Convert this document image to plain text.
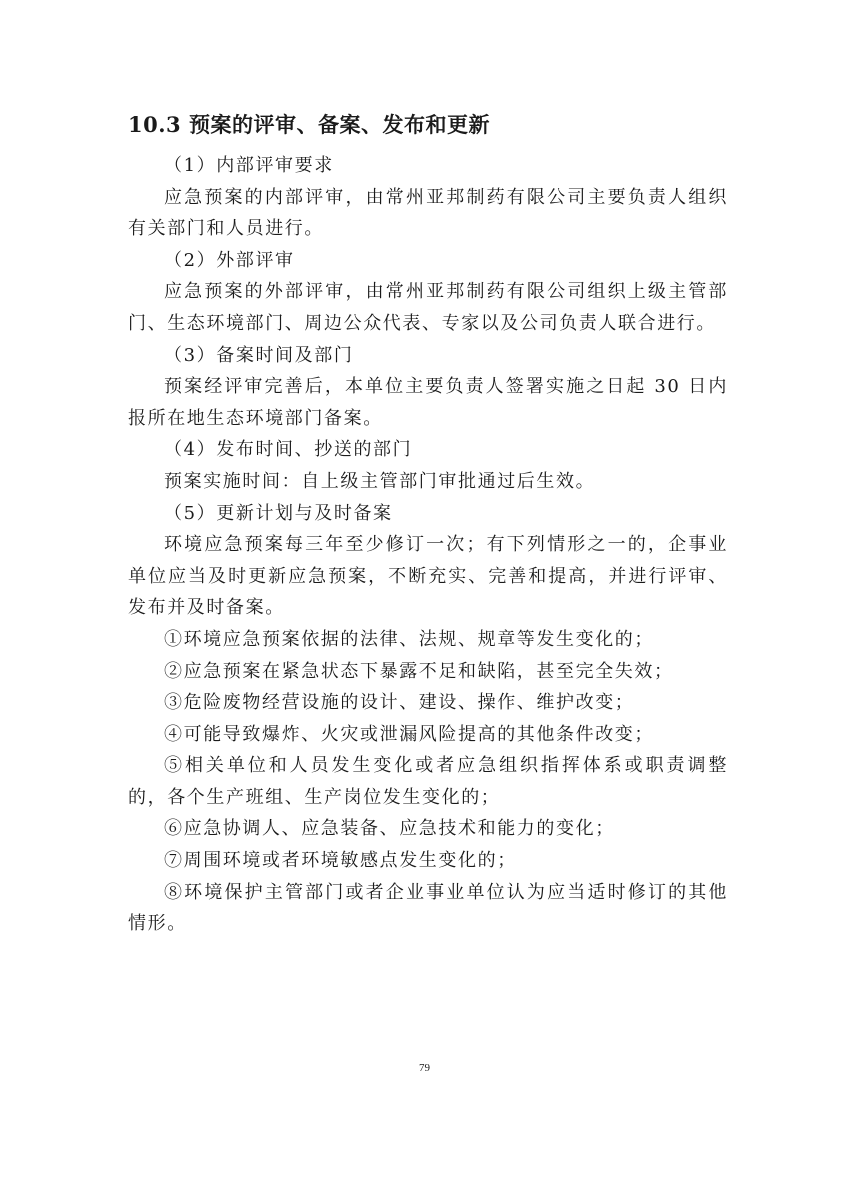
10.3 预案的评审、备案、发布和更新

（1）内部评审要求

应急预案的内部评审，由常州亚邦制药有限公司主要负责人组织有关部门和人员进行。

（2）外部评审

应急预案的外部评审，由常州亚邦制药有限公司组织上级主管部门、生态环境部门、周边公众代表、专家以及公司负责人联合进行。

（3）备案时间及部门

预案经评审完善后，本单位主要负责人签署实施之日起 30 日内报所在地生态环境部门备案。

（4）发布时间、抄送的部门

预案实施时间：自上级主管部门审批通过后生效。

（5）更新计划与及时备案

环境应急预案每三年至少修订一次；有下列情形之一的，企事业单位应当及时更新应急预案，不断充实、完善和提高，并进行评审、发布并及时备案。

①环境应急预案依据的法律、法规、规章等发生变化的；

②应急预案在紧急状态下暴露不足和缺陷，甚至完全失效；

③危险废物经营设施的设计、建设、操作、维护改变；

④可能导致爆炸、火灾或泄漏风险提高的其他条件改变；

⑤相关单位和人员发生变化或者应急组织指挥体系或职责调整的，各个生产班组、生产岗位发生变化的；

⑥应急协调人、应急装备、应急技术和能力的变化；

⑦周围环境或者环境敏感点发生变化的；

⑧环境保护主管部门或者企业事业单位认为应当适时修订的其他情形。

79
